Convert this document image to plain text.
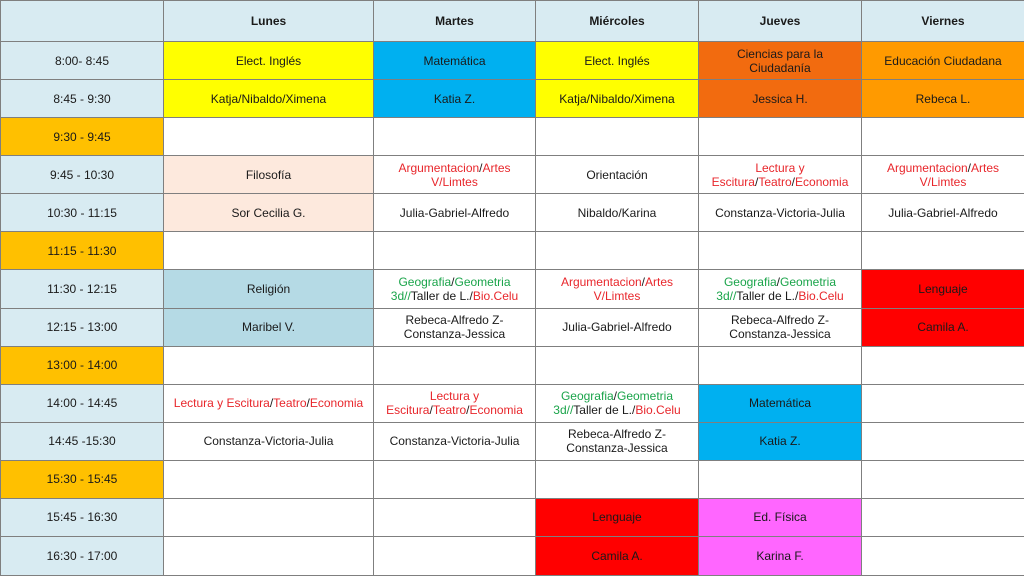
	Lunes	Martes	Miércoles	Jueves	Viernes
8:00- 8:45	Elect. Inglés	Matemática	Elect. Inglés	Ciencias para la
Ciudadanía	Educación Ciudadana
8:45 - 9:30	Katja/Nibaldo/Ximena	Katia Z.	Katja/Nibaldo/Ximena	Jessica H.	Rebeca L.
9:30 - 9:45					
9:45 - 10:30	Filosofía	Argumentacion/Artes
V/Limtes	Orientación	Lectura y
Escitura/Teatro/Economia	Argumentacion/Artes
V/Limtes
10:30 - 11:15	Sor Cecilia G.	Julia-Gabriel-Alfredo	Nibaldo/Karina	Constanza-Victoria-Julia	Julia-Gabriel-Alfredo
11:15 - 11:30					
11:30 - 12:15	Religión	Geografia/Geometria
3d//Taller de L./Bio.Celu	Argumentacion/Artes
V/Limtes	Geografia/Geometria
3d//Taller de L./Bio.Celu	Lenguaje
12:15 - 13:00	Maribel V.	Rebeca-Alfredo Z-
Constanza-Jessica	Julia-Gabriel-Alfredo	Rebeca-Alfredo Z-
Constanza-Jessica	Camila A.
13:00 - 14:00					
14:00 - 14:45	Lectura y Escitura/Teatro/Economia	Lectura y
Escitura/Teatro/Economia	Geografia/Geometria
3d//Taller de L./Bio.Celu	Matemática	
14:45 -15:30	Constanza-Victoria-Julia	Constanza-Victoria-Julia	Rebeca-Alfredo Z-
Constanza-Jessica	Katia Z.	
15:30 - 15:45					
15:45 - 16:30			Lenguaje	Ed. Física	
16:30 - 17:00			Camila A.	Karina F.	
